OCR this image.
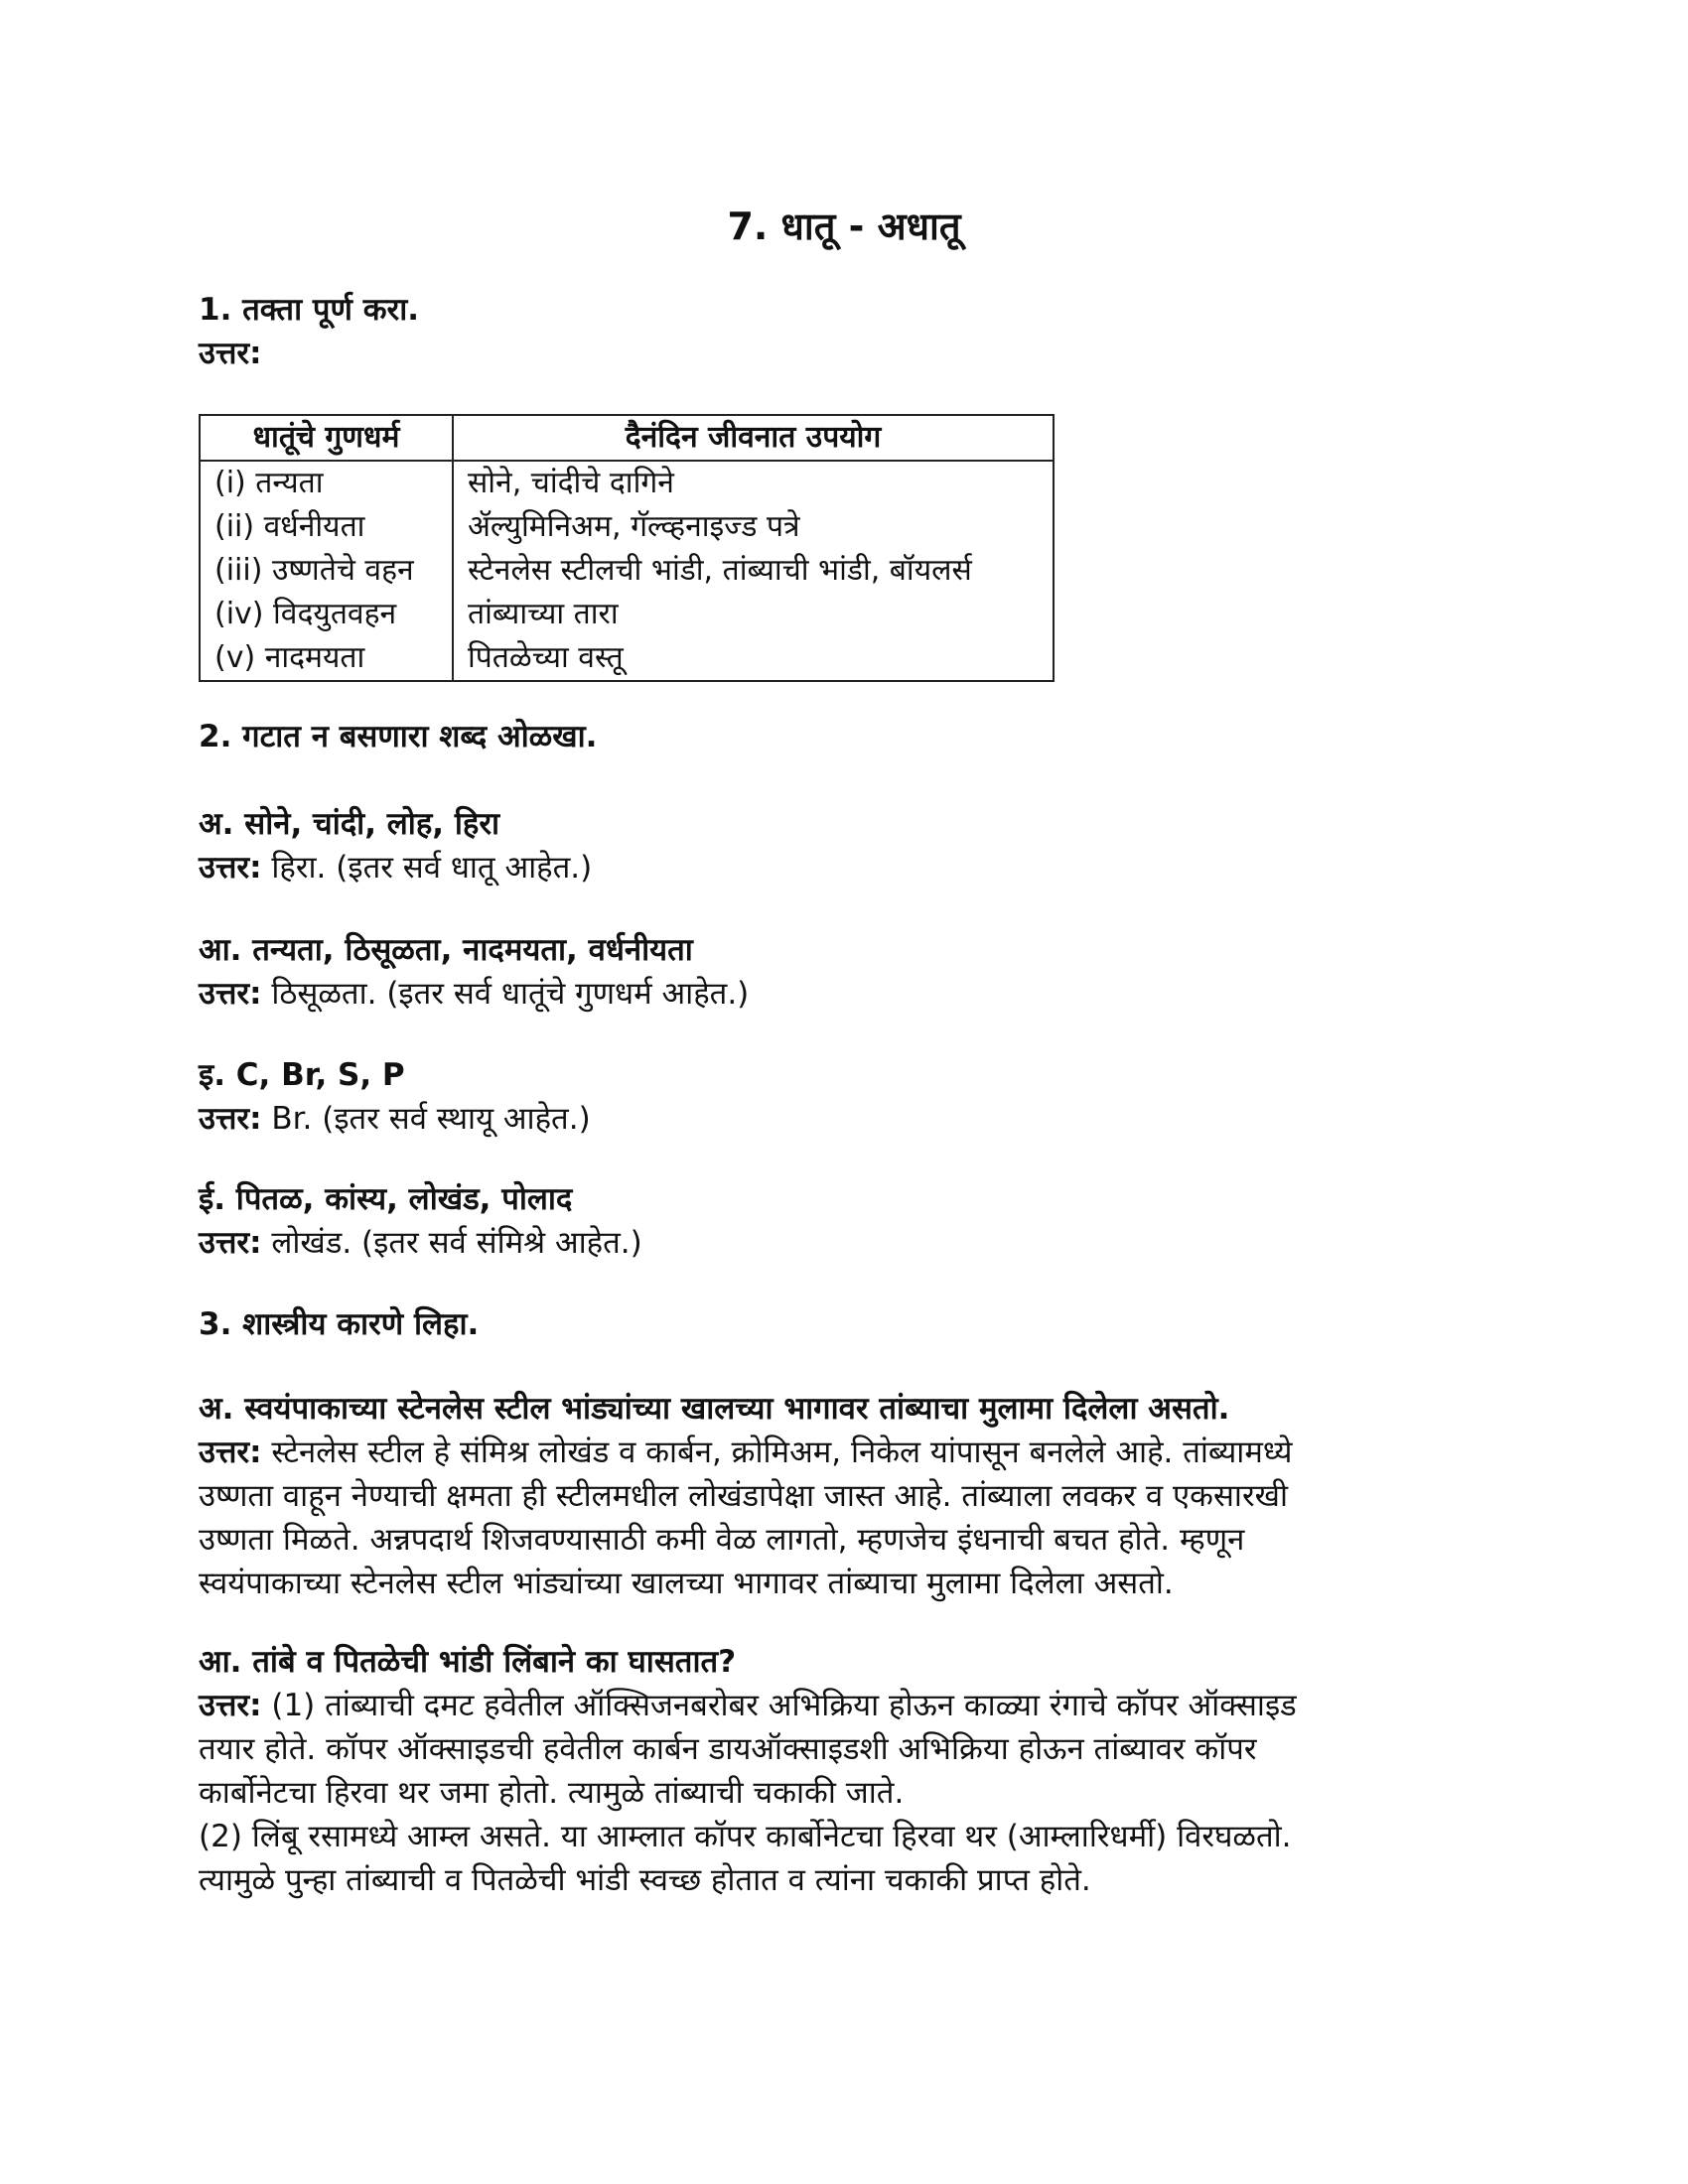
7. धातू - अधातू

1. तक्ता पूर्ण करा.

उत्तर:

धातूंचे गुणधर्म	दैनंदिन जीवनात उपयोग
(i) तन्यता	सोने, चांदीचे दागिने
(ii) वर्धनीयता	ॲल्युमिनिअम, गॅल्व्हनाइज्ड पत्रे
(iii) उष्णतेचे वहन	स्टेनलेस स्टीलची भांडी, तांब्याची भांडी, बॉयलर्स
(iv) विदयुतवहन	तांब्याच्या तारा
(v) नादमयता	पितळेच्या वस्तू

2. गटात न बसणारा शब्द ओळखा.

अ. सोने, चांदी, लोह, हिरा

उत्तर: हिरा. (इतर सर्व धातू आहेत.)

आ. तन्यता, ठिसूळता, नादमयता, वर्धनीयता

उत्तर: ठिसूळता. (इतर सर्व धातूंचे गुणधर्म आहेत.)

इ. C, Br, S, P

उत्तर: Br. (इतर सर्व स्थायू आहेत.)

ई. पितळ, कांस्य, लोखंड, पोलाद

उत्तर: लोखंड. (इतर सर्व संमिश्रे आहेत.)

3. शास्त्रीय कारणे लिहा.

अ. स्वयंपाकाच्या स्टेनलेस स्टील भांड्यांच्या खालच्या भागावर तांब्याचा मुलामा दिलेला असतो.

उत्तर: स्टेनलेस स्टील हे संमिश्र लोखंड व कार्बन, क्रोमिअम, निकेल यांपासून बनलेले आहे. तांब्यामध्ये

उष्णता वाहून नेण्याची क्षमता ही स्टीलमधील लोखंडापेक्षा जास्त आहे. तांब्याला लवकर व एकसारखी

उष्णता मिळते. अन्नपदार्थ शिजवण्यासाठी कमी वेळ लागतो, म्हणजेच इंधनाची बचत होते. म्हणून

स्वयंपाकाच्या स्टेनलेस स्टील भांड्यांच्या खालच्या भागावर तांब्याचा मुलामा दिलेला असतो.

आ. तांबे व पितळेची भांडी लिंबाने का घासतात?

उत्तर: (1) तांब्याची दमट हवेतील ऑक्सिजनबरोबर अभिक्रिया होऊन काळ्या रंगाचे कॉपर ऑक्साइड

तयार होते. कॉपर ऑक्साइडची हवेतील कार्बन डायऑक्साइडशी अभिक्रिया होऊन तांब्यावर कॉपर

कार्बोनेटचा हिरवा थर जमा होतो. त्यामुळे तांब्याची चकाकी जाते.

(2) लिंबू रसामध्ये आम्ल असते. या आम्लात कॉपर कार्बोनेटचा हिरवा थर (आम्लारिधर्मी) विरघळतो.

त्यामुळे पुन्हा तांब्याची व पितळेची भांडी स्वच्छ होतात व त्यांना चकाकी प्राप्त होते.
